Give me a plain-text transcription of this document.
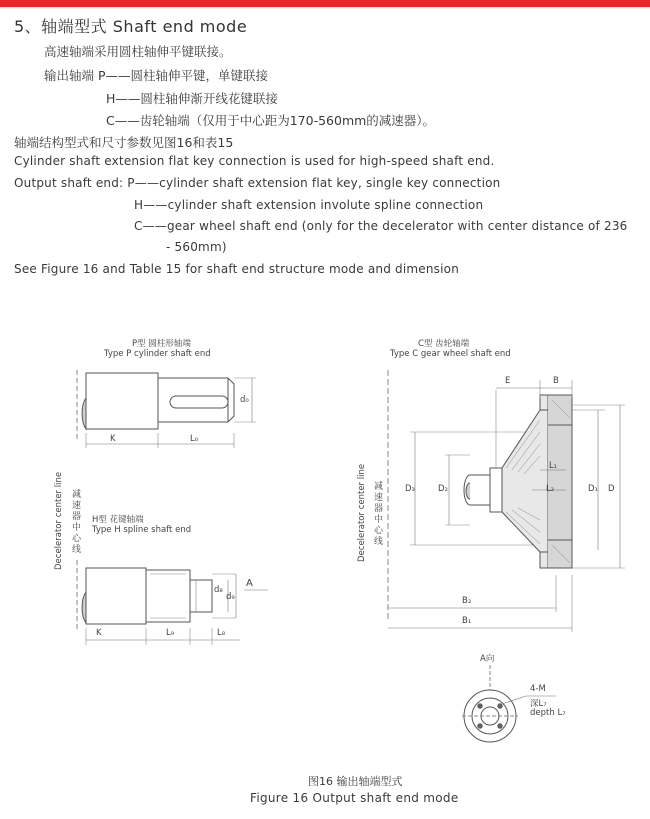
5、轴端型式 Shaft end mode
高速轴端采用圆柱轴伸平键联接。
输出轴端 P——圆柱轴伸平键，单键联接
H——圆柱轴伸渐开线花键联接
C——齿轮轴端（仅用于中心距为170-560mm的减速器）。
轴端结构型式和尺寸参数见图16和表15
Cylinder shaft extension flat key connection is used for high-speed shaft end.
Output shaft end: P——cylinder shaft extension flat key, single key connection
H——cylinder shaft extension involute spline connection
C——gear wheel shaft end (only for the decelerator with center distance of 236
- 560mm)
See Figure 16 and Table 15 for shaft end structure mode and dimension
P型 圆柱形轴端
Type P cylinder shaft end
K	L₀
d₀
H型 花键轴端
Type H spline shaft end
K	L₉	L₈
d₈
d₉
A
Decelerator center line 减速器中心线
C型 齿轮轴端
Type C gear wheel shaft end
E	B
L₁
L₂
D₃	D₂	D₁ D
B₂
B₁
Decelerator center line 减速器中心线
A向
4-M
深L₇
depth L₇
图16 输出轴端型式
Figure 16 Output shaft end mode
